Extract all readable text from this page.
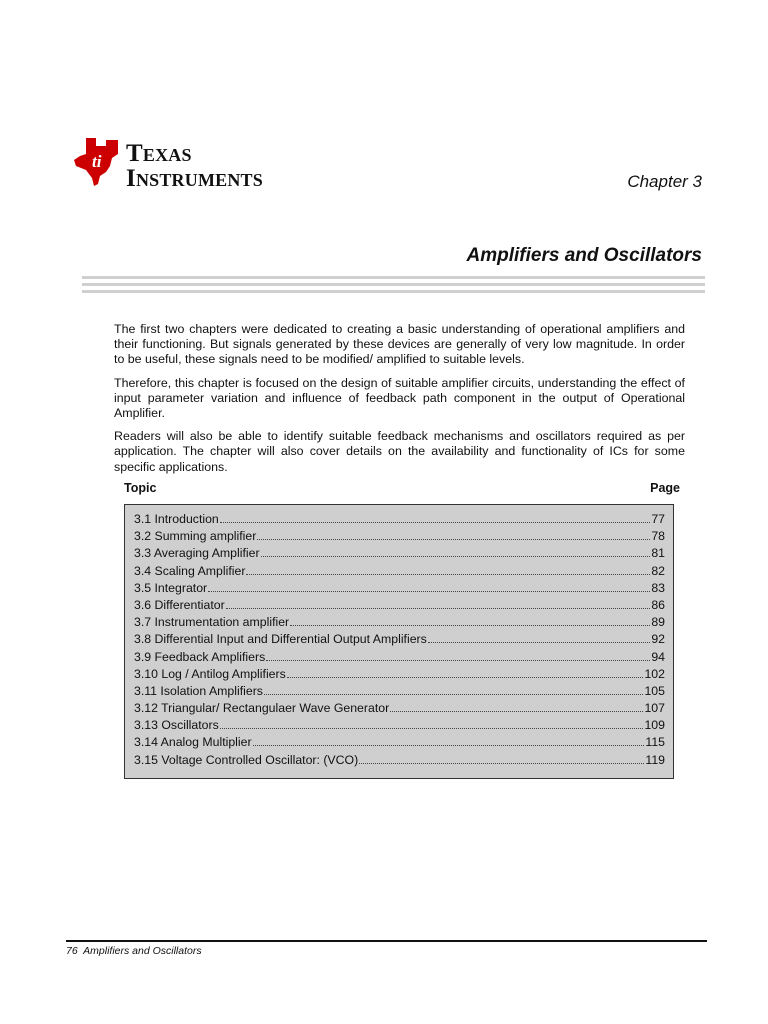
ti TEXAS
INSTRUMENTS	Chapter 3
Amplifiers and Oscillators

The first two chapters were dedicated to creating a basic understanding of operational amplifiers and their functioning. But signals generated by these devices are generally of very low magnitude. In order to be useful, these signals need to be modified/ amplified to suitable levels.

Therefore, this chapter is focused on the design of suitable amplifier circuits, understanding the effect of input parameter variation and influence of feedback path component in the output of Operational Amplifier.

Readers will also be able to identify suitable feedback mechanisms and oscillators required as per application. The chapter will also cover details on the availability and functionality of ICs for some specific applications.

Topic	Page
3.1 Introduction	77
3.2 Summing amplifier	78
3.3 Averaging Amplifier	81
3.4 Scaling Amplifier	82
3.5 Integrator	83
3.6 Differentiator	86
3.7 Instrumentation amplifier	89
3.8 Differential Input and Differential Output Amplifiers	92
3.9 Feedback Amplifiers	94
3.10 Log / Antilog Amplifiers	102
3.11 Isolation Amplifiers	105
3.12 Triangular/ Rectangulaer Wave Generator	107
3.13 Oscillators	109
3.14 Analog Multiplier	115
3.15 Voltage Controlled Oscillator: (VCO)	119
76 Amplifiers and Oscillators
